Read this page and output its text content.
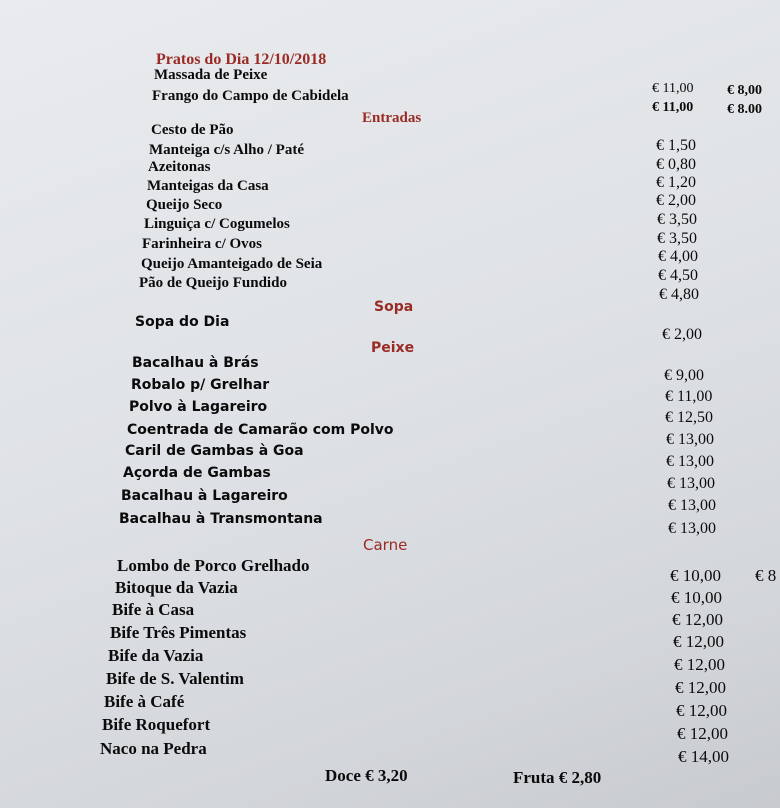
Pratos do Dia 12/10/2018
Massada de Peixe
Frango do Campo de Cabidela	€ 11,00 € 8,00
€ 11,00 € 8.00
Entradas
Cesto de Pão
Manteiga c/s Alho / Paté
Azeitonas
Manteigas da Casa
Queijo Seco
Linguiça c/ Cogumelos
Farinheira c/ Ovos
Queijo Amanteigado de Seia
Pão de Queijo Fundido
€ 1,50
€ 0,80
€ 1,20
€ 2,00
€ 3,50
€ 3,50
€ 4,00
€ 4,50
€ 4,80
Sopa
Sopa do Dia
€ 2,00
Peixe
Bacalhau à Brás
Robalo p/ Grelhar
Polvo à Lagareiro
Coentrada de Camarão com Polvo
Caril de Gambas à Goa
Açorda de Gambas
Bacalhau à Lagareiro
Bacalhau à Transmontana
€ 9,00
€ 11,00
€ 12,50
€ 13,00
€ 13,00
€ 13,00
€ 13,00
€ 13,00
Carne
Lombo de Porco Grelhado
Bitoque da Vazia
Bife à Casa
Bife Três Pimentas
Bife da Vazia
Bife de S. Valentim
Bife à Café
Bife Roquefort
Naco na Pedra
€ 10,00 € 8
€ 10,00
€ 12,00
€ 12,00
€ 12,00
€ 12,00
€ 12,00
€ 12,00
€ 14,00
Doce € 3,20	Fruta € 2,80
